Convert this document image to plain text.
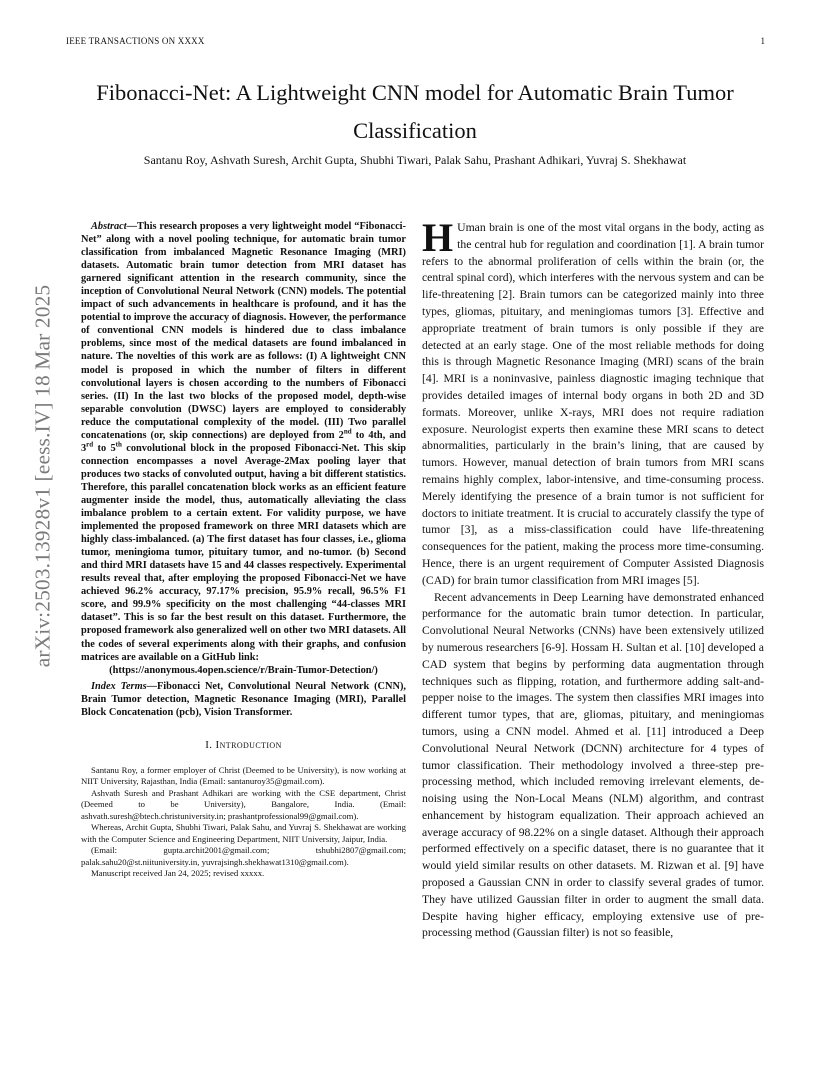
IEEE TRANSACTIONS ON XXXX	1
Fibonacci-Net: A Lightweight CNN model for Automatic Brain Tumor Classification
Santanu Roy, Ashvath Suresh, Archit Gupta, Shubhi Tiwari, Palak Sahu, Prashant Adhikari, Yuvraj S. Shekhawat
arXiv:2503.13928v1 [eess.IV] 18 Mar 2025

Abstract—This research proposes a very lightweight model “Fibonacci-Net” along with a novel pooling technique, for automatic brain tumor classification from imbalanced Magnetic Resonance Imaging (MRI) datasets. Automatic brain tumor detection from MRI dataset has garnered significant attention in the research community, since the inception of Convolutional Neural Network (CNN) models. The potential impact of such advancements in healthcare is profound, and it has the potential to improve the accuracy of diagnosis. However, the performance of conventional CNN models is hindered due to class imbalance problems, since most of the medical datasets are found imbalanced in nature. The novelties of this work are as follows: (I) A lightweight CNN model is proposed in which the number of filters in different convolutional layers is chosen according to the numbers of Fibonacci series. (II) In the last two blocks of the proposed model, depth-wise separable convolution (DWSC) layers are employed to considerably reduce the computational complexity of the model. (III) Two parallel concatenations (or, skip connections) are deployed from 2nd to 4th, and 3rd to 5th convolutional block in the proposed Fibonacci-Net. This skip connection encompasses a novel Average-2Max pooling layer that produces two stacks of convoluted output, having a bit different statistics. Therefore, this parallel concatenation block works as an efficient feature augmenter inside the model, thus, automatically alleviating the class imbalance problem to a certain extent. For validity purpose, we have implemented the proposed framework on three MRI datasets which are highly class-imbalanced. (a) The first dataset has four classes, i.e., glioma tumor, meningioma tumor, pituitary tumor, and no-tumor. (b) Second and third MRI datasets have 15 and 44 classes respectively. Experimental results reveal that, after employing the proposed Fibonacci-Net we have achieved 96.2% accuracy, 97.17% precision, 95.9% recall, 96.5% F1 score, and 99.9% specificity on the most challenging “44-classes MRI dataset”. This is so far the best result on this dataset. Furthermore, the proposed framework also generalized well on other two MRI datasets. All the codes of several experiments along with their graphs, and confusion matrices are available on a GitHub link:

(https://anonymous.4open.science/r/Brain-Tumor-Detection/)

Index Terms—Fibonacci Net, Convolutional Neural Network (CNN), Brain Tumor detection, Magnetic Resonance Imaging (MRI), Parallel Block Concatenation (pcb), Vision Transformer.

I. Introduction

Santanu Roy, a former employer of Christ (Deemed to be University), is now working at NIIT University, Rajasthan, India (Email: santanuroy35@gmail.com).

Ashvath Suresh and Prashant Adhikari are working with the CSE department, Christ (Deemed to be University), Bangalore, India. (Email: ashvath.suresh@btech.christuniversity.in; prashantprofessional99@gmail.com).

Whereas, Archit Gupta, Shubhi Tiwari, Palak Sahu, and Yuvraj S. Shekhawat are working with the Computer Science and Engineering Department, NIIT University, Jaipur, India.

(Email: gupta.archit2001@gmail.com; tshubhi2807@gmail.com; palak.sahu20@st.niituniversity.in, yuvrajsingh.shekhawat1310@gmail.com).

Manuscript received Jan 24, 2025; revised xxxxx.

H Uman brain is one of the most vital organs in the body, acting as the central hub for regulation and coordination [1]. A brain tumor refers to the abnormal proliferation of cells within the brain (or, the central spinal cord), which interferes with the nervous system and can be life-threatening [2]. Brain tumors can be categorized mainly into three types, gliomas, pituitary, and meningiomas tumors [3]. Effective and appropriate treatment of brain tumors is only possible if they are detected at an early stage. One of the most reliable methods for doing this is through Magnetic Resonance Imaging (MRI) scans of the brain [4]. MRI is a noninvasive, painless diagnostic imaging technique that provides detailed images of internal body organs in both 2D and 3D formats. Moreover, unlike X-rays, MRI does not require radiation exposure. Neurologist experts then examine these MRI scans to detect abnormalities, particularly in the brain’s lining, that are caused by tumors. However, manual detection of brain tumors from MRI scans remains highly complex, labor-intensive, and time-consuming process. Merely identifying the presence of a brain tumor is not sufficient for doctors to initiate treatment. It is crucial to accurately classify the type of tumor [3], as a miss-classification could have life-threatening consequences for the patient, making the process more time-consuming. Hence, there is an urgent requirement of Computer Assisted Diagnosis (CAD) for brain tumor classification from MRI images [5].

Recent advancements in Deep Learning have demonstrated enhanced performance for the automatic brain tumor detection. In particular, Convolutional Neural Networks (CNNs) have been extensively utilized by numerous researchers [6-9]. Hossam H. Sultan et al. [10] developed a CAD system that begins by performing data augmentation through techniques such as flipping, rotation, and furthermore adding salt-and-pepper noise to the images. The system then classifies MRI images into different tumor types, that are, gliomas, pituitary, and meningiomas tumors, using a CNN model. Ahmed et al. [11] introduced a Deep Convolutional Neural Network (DCNN) architecture for 4 types of tumor classification. Their methodology involved a three-step pre-processing method, which included removing irrelevant elements, de-noising using the Non-Local Means (NLM) algorithm, and contrast enhancement by histogram equalization. Their approach achieved an average accuracy of 98.22% on a single dataset. Although their approach performed effectively on a specific dataset, there is no guarantee that it would yield similar results on other datasets. M. Rizwan et al. [9] have proposed a Gaussian CNN in order to classify several grades of tumor. They have utilized Gaussian filter in order to augment the small data. Despite having higher efficacy, employing extensive use of pre-processing method (Gaussian filter) is not so feasible,
